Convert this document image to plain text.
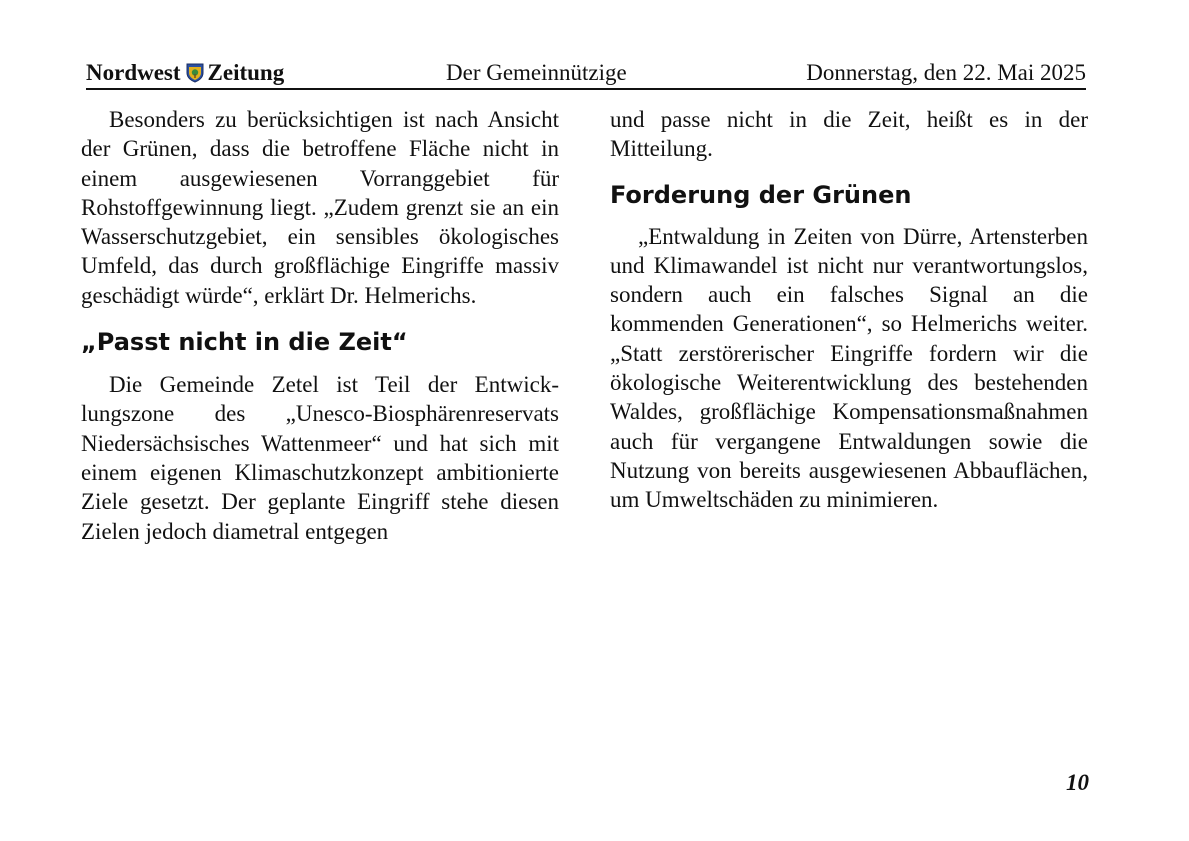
Nordwest Zeitung	Der Gemeinnützige	Donnerstag, den 22. Mai 2025

Besonders zu berücksichtigen ist nach Ansicht der Grünen, dass die betroffene Fläche nicht in einem ausgewiesenen Vorranggebiet für Rohstoffgewinnung liegt. „Zudem grenzt sie an ein Wasserschutzgebiet, ein sensibles ökologisches Umfeld, das durch großflächige Eingriffe massiv geschädigt würde“, erklärt Dr. Helmerichs.

„Passt nicht in die Zeit“

Die Gemeinde Zetel ist Teil der Entwicklungszone des „Unesco-Biosphärenreservats Niedersächsisches Wattenmeer“ und hat sich mit einem eigenen Klimaschutzkonzept ambitionierte Ziele gesetzt. Der geplante Eingriff stehe diesen Zielen jedoch diametral entgegen

und passe nicht in die Zeit, heißt es in der Mitteilung.

Forderung der Grünen

„Entwaldung in Zeiten von Dürre, Artensterben und Klimawandel ist nicht nur verantwortungslos, sondern auch ein falsches Signal an die kommenden Generationen“, so Helmerichs weiter. „Statt zerstörerischer Eingriffe fordern wir die ökologische Weiterentwicklung des bestehenden Waldes, großflächige Kompensationsmaßnahmen auch für vergangene Entwaldungen sowie die Nutzung von bereits ausgewiesenen Abbauflächen, um Umweltschäden zu minimieren.

10
